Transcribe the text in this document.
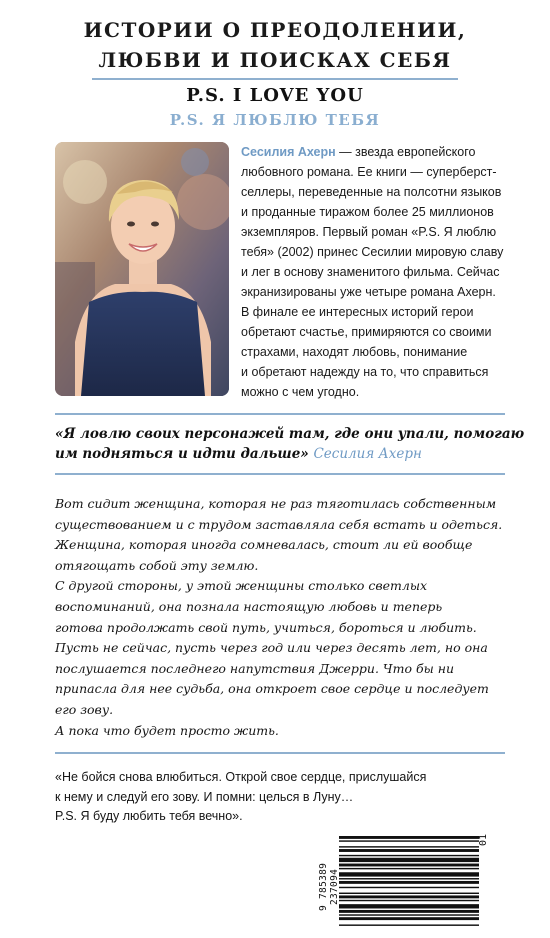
ИСТОРИИ О ПРЕОДОЛЕНИИ,
ЛЮБВИ И ПОИСКАХ СЕБЯ
P.S. I LOVE YOU
P.S. Я ЛЮБЛЮ ТЕБЯ
Сесилия Ахерн — звезда европейского
любовного романа. Ее книги — суперберст-
селлеры, переведенные на полсотни языков
и проданные тиражом более 25 миллионов
экземпляров. Первый роман «P.S. Я люблю
тебя» (2002) принес Сесилии мировую славу
и лег в основу знаменитого фильма. Сейчас
экранизированы уже четыре романа Ахерн.
В финале ее интересных историй герои
обретают счастье, примиряются со своими
страхами, находят любовь, понимание
и обретают надежду на то, что справиться
можно с чем угодно.
«Я ловлю своих персонажей там, где они упали, помогаю
им подняться и идти дальше» Сесилия Ахерн
Вот сидит женщина, которая не раз тяготилась собственным
существованием и с трудом заставляла себя встать и одеться.
Женщина, которая иногда сомневалась, стоит ли ей вообще
отягощать собой эту землю.
С другой стороны, у этой женщины столько светлых
воспоминаний, она познала настоящую любовь и теперь
готова продолжать свой путь, учиться, бороться и любить.
Пусть не сейчас, пусть через год или через десять лет, но она
послушается последнего напутствия Джерри. Что бы ни
припасла для нее судьба, она откроет свое сердце и последует
его зову.
А пока что будет просто жить.
«Не бойся снова влюбиться. Открой свое сердце, прислушайся
к нему и следуй его зову. И помни: целься в Луну…
P.S. Я буду любить тебя вечно».
9 785389 237094
01
